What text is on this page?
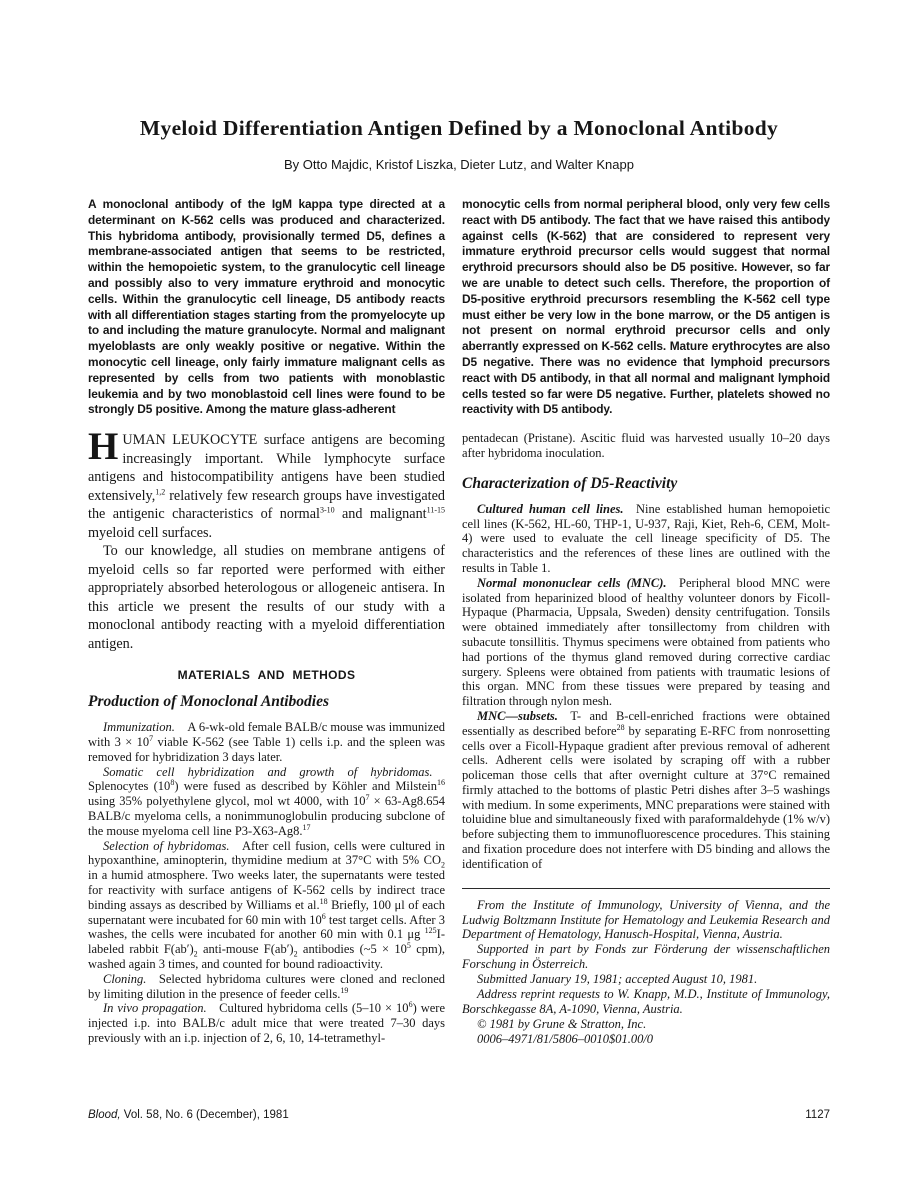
Myeloid Differentiation Antigen Defined by a Monoclonal Antibody
By Otto Majdic, Kristof Liszka, Dieter Lutz, and Walter Knapp
A monoclonal antibody of the IgM kappa type directed at a determinant on K-562 cells was produced and characterized. This hybridoma antibody, provisionally termed D5, defines a membrane-associated antigen that seems to be restricted, within the hemopoietic system, to the granulocytic cell lineage and possibly also to very immature erythroid and monocytic cells. Within the granulocytic cell lineage, D5 antibody reacts with all differentiation stages starting from the promyelocyte up to and including the mature granulocyte. Normal and malignant myeloblasts are only weakly positive or negative. Within the monocytic cell lineage, only fairly immature malignant cells as represented by cells from two patients with monoblastic leukemia and by two monoblastoid cell lines were found to be strongly D5 positive. Among the mature glass-adherent
monocytic cells from normal peripheral blood, only very few cells react with D5 antibody. The fact that we have raised this antibody against cells (K-562) that are considered to represent very immature erythroid precursor cells would suggest that normal erythroid precursors should also be D5 positive. However, so far we are unable to detect such cells. Therefore, the proportion of D5-positive erythroid precursors resembling the K-562 cell type must either be very low in the bone marrow, or the D5 antigen is not present on normal erythroid precursor cells and only aberrantly expressed on K-562 cells. Mature erythrocytes are also D5 negative. There was no evidence that lymphoid precursors react with D5 antibody, in that all normal and malignant lymphoid cells tested so far were D5 negative. Further, platelets showed no reactivity with D5 antibody.

HUMAN LEUKOCYTE surface antigens are becoming increasingly important. While lymphocyte surface antigens and histocompatibility antigens have been studied extensively,$^{1,2}$ relatively few research groups have investigated the antigenic characteristics of normal$^{3-10}$ and malignant$^{11-15}$ myeloid cell surfaces.

To our knowledge, all studies on membrane antigens of myeloid cells so far reported were performed with either appropriately absorbed heterologous or allogeneic antisera. In this article we present the results of our study with a monoclonal antibody reacting with a myeloid differentiation antigen.

MATERIALS AND METHODS
Production of Monoclonal Antibodies

Immunization. A 6-wk-old female BALB/c mouse was immunized with $3 \times 10^7$ viable K-562 (see Table 1) cells i.p. and the spleen was removed for hybridization 3 days later.

Somatic cell hybridization and growth of hybridomas. Splenocytes $(10^8)$ were fused as described by Köhler and Milstein$^{16}$ using 35% polyethylene glycol, mol wt 4000, with $10^7 \times 63-Ag8.654$ BALB/c myeloma cells, a nonimmunoglobulin producing subclone of the mouse myeloma cell line P3-X63-Ag8.17

Selection of hybridomas. After cell fusion, cells were cultured in hypoxanthine, aminopterin, thymidine medium at 37°C with 5% $CO_2$ in a humid atmosphere. Two weeks later, the supernatants were tested for reactivity with surface antigens of K-562 cells by indirect trace binding assays as described by Williams et al.$^{18}$ Briefly, 100 μl of each supernatant were incubated for 60 min with $10^6$ test target cells. After 3 washes, the cells were incubated for another 60 min with 0.1 μg $^{125}$I-labeled rabbit $F(ab')_2$ anti-mouse $F(ab')_2$ antibodies (~5 × $10^5$ cpm), washed again 3 times, and counted for bound radioactivity.

Cloning. Selected hybridoma cultures were cloned and recloned by limiting dilution in the presence of feeder cells.$^{19}$

In vivo propagation. Cultured hybridoma cells $(5-10 \times 10^6)$ were injected i.p. into BALB/c adult mice that were treated 7–30 days previously with an i.p. injection of 2, 6, 10, 14-tetramethyl-

pentadecan (Pristane). Ascitic fluid was harvested usually 10–20 days after hybridoma inoculation.

Characterization of D5-Reactivity

Cultured human cell lines. Nine established human hemopoietic cell lines (K-562, HL-60, THP-1, U-937, Raji, Kiet, Reh-6, CEM, Molt-4) were used to evaluate the cell lineage specificity of D5. The characteristics and the references of these lines are outlined with the results in Table 1.

Normal mononuclear cells (MNC). Peripheral blood MNC were isolated from heparinized blood of healthy volunteer donors by Ficoll-Hypaque (Pharmacia, Uppsala, Sweden) density centrifugation. Tonsils were obtained immediately after tonsillectomy from children with subacute tonsillitis. Thymus specimens were obtained from patients who had portions of the thymus gland removed during corrective cardiac surgery. Spleens were obtained from patients with traumatic lesions of this organ. MNC from these tissues were prepared by teasing and filtration through nylon mesh.

MNC—subsets. T- and B-cell-enriched fractions were obtained essentially as described before$^{28}$ by separating E-RFC from nonrosetting cells over a Ficoll-Hypaque gradient after previous removal of adherent cells. Adherent cells were isolated by scraping off with a rubber policeman those cells that after overnight culture at 37°C remained firmly attached to the bottoms of plastic Petri dishes after 3–5 washings with medium. In some experiments, MNC preparations were stained with toluidine blue and simultaneously fixed with paraformaldehyde (1% w/v) before subjecting them to immunofluorescence procedures. This staining and fixation procedure does not interfere with D5 binding and allows the identification of

From the Institute of Immunology, University of Vienna, and the Ludwig Boltzmann Institute for Hematology and Leukemia Research and Department of Hematology, Hanusch-Hospital, Vienna, Austria.

Supported in part by Fonds zur Förderung der wissenschaftlichen Forschung in Österreich.

Submitted January 19, 1981; accepted August 10, 1981.

Address reprint requests to W. Knapp, M.D., Institute of Immunology, Borschkegasse 8A, A-1090, Vienna, Austria.

© 1981 by Grune & Stratton, Inc.

0006–4971/81/5806–0010$01.00/0

Blood, Vol. 58, No. 6 (December), 1981	1127
